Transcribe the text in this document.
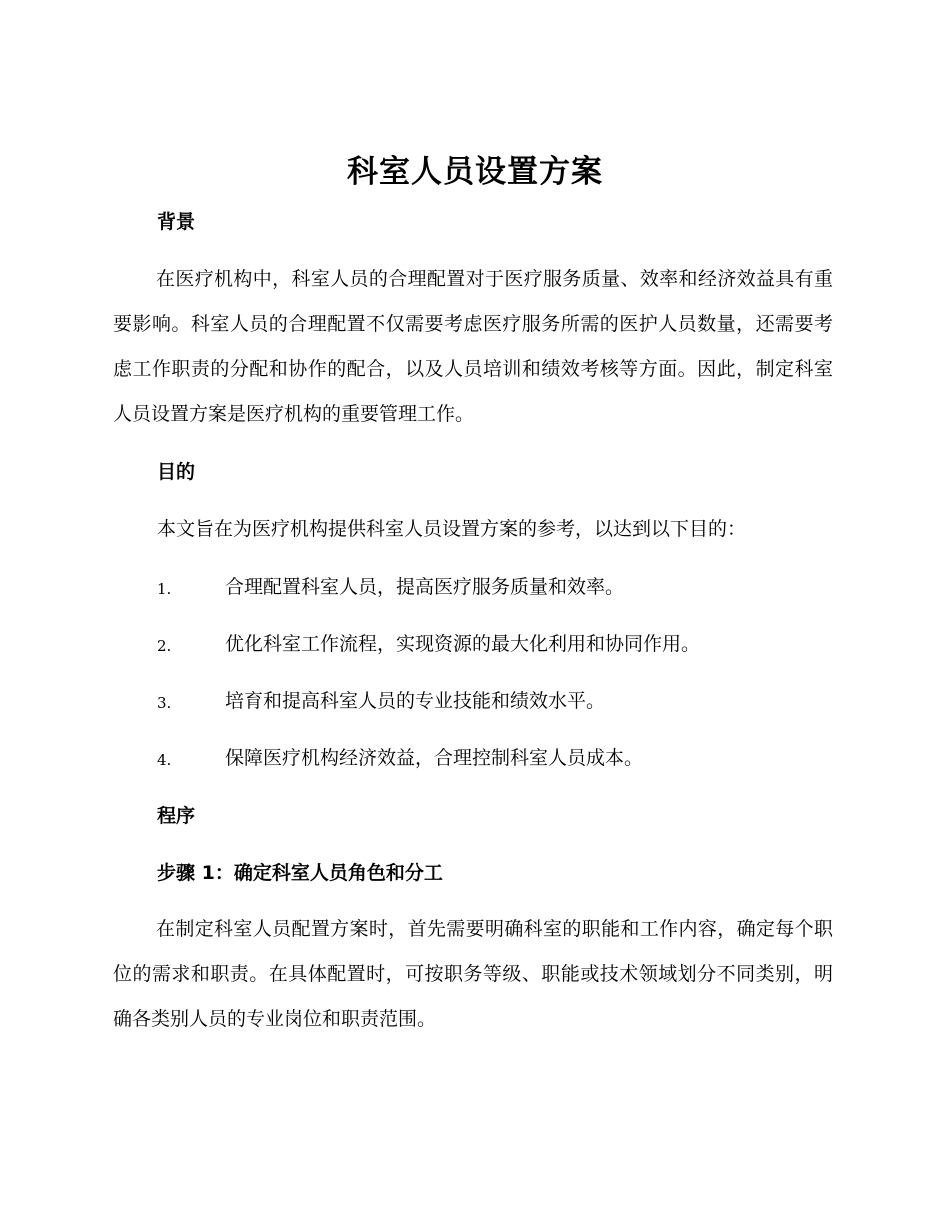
科室人员设置方案
背景
在医疗机构中，科室人员的合理配置对于医疗服务质量、效率和经济效益具有重要影响。科室人员的合理配置不仅需要考虑医疗服务所需的医护人员数量，还需要考虑工作职责的分配和协作的配合，以及人员培训和绩效考核等方面。因此，制定科室人员设置方案是医疗机构的重要管理工作。
目的
本文旨在为医疗机构提供科室人员设置方案的参考，以达到以下目的：
1.	合理配置科室人员，提高医疗服务质量和效率。
2.	优化科室工作流程，实现资源的最大化利用和协同作用。
3.	培育和提高科室人员的专业技能和绩效水平。
4.	保障医疗机构经济效益，合理控制科室人员成本。
程序
步骤 1：确定科室人员角色和分工
在制定科室人员配置方案时，首先需要明确科室的职能和工作内容，确定每个职位的需求和职责。在具体配置时，可按职务等级、职能或技术领域划分不同类别，明确各类别人员的专业岗位和职责范围。
